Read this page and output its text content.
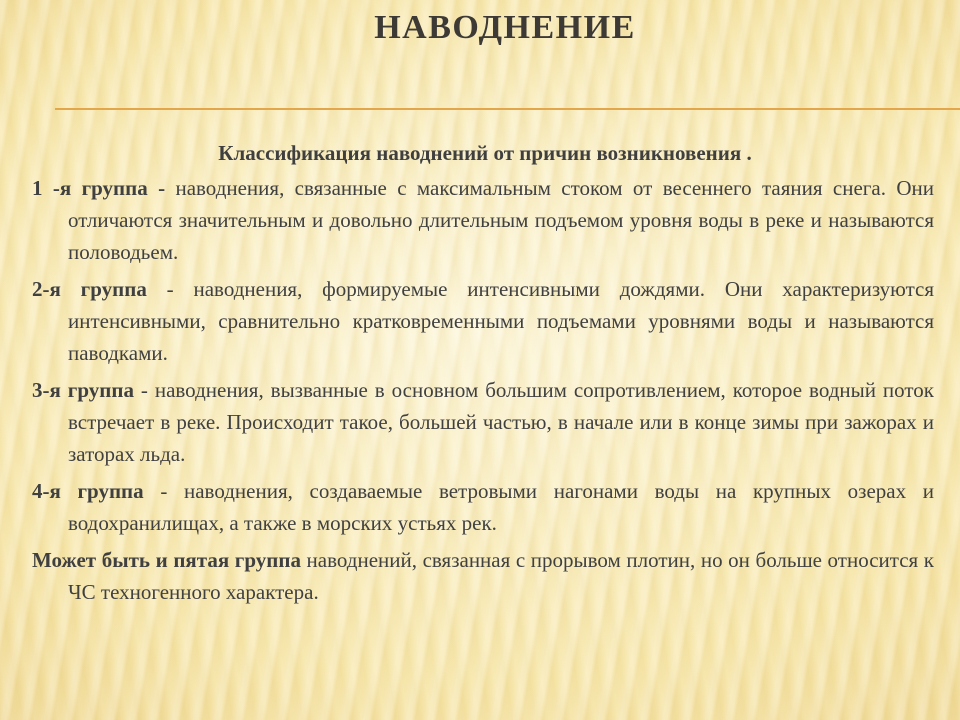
НАВОДНЕНИЕ
Классификация наводнений от причин возникновения .

1 -я группа - наводнения, связанные с максимальным стоком от весеннего таяния снега. Они отличаются значительным и довольно длительным подъемом уровня воды в реке и называются половодьем.

2-я группа - наводнения, формируемые интенсивными дождями. Они характеризуются интенсивными, сравнительно кратковременными подъемами уровнями воды и называются паводками.

3-я группа - наводнения, вызванные в основном большим сопротивлением, которое водный поток встречает в реке. Происходит такое, большей частью, в начале или в конце зимы при зажорах и заторах льда.

4-я группа - наводнения, создаваемые ветровыми нагонами воды на крупных озерах и водохранилищах, а также в морских устьях рек.

Может быть и пятая группа наводнений, связанная с прорывом плотин, но он больше относится к ЧС техногенного характера.
